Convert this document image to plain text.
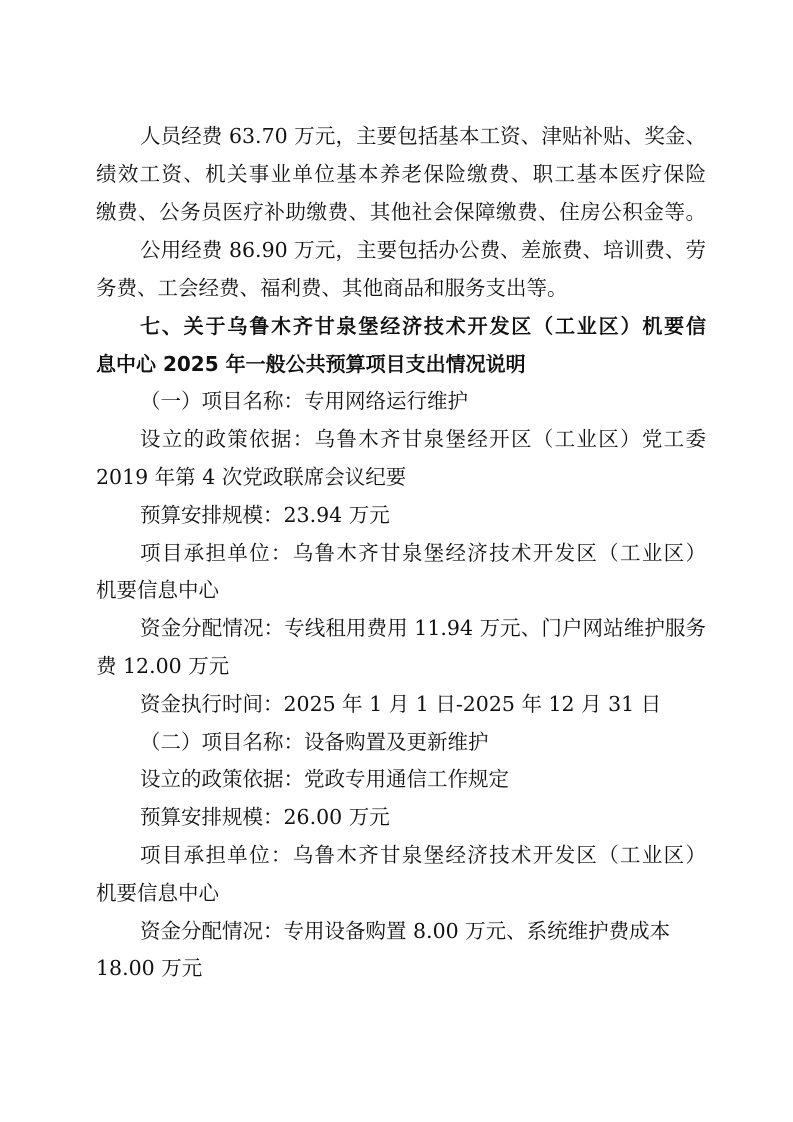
人员经费 63.70 万元，主要包括基本工资、津贴补贴、奖金、
绩效工资、机关事业单位基本养老保险缴费、职工基本医疗保险
缴费、公务员医疗补助缴费、其他社会保障缴费、住房公积金等。
公用经费 86.90 万元，主要包括办公费、差旅费、培训费、劳
务费、工会经费、福利费、其他商品和服务支出等。
七、关于乌鲁木齐甘泉堡经济技术开发区（工业区）机要信
息中心 2025 年一般公共预算项目支出情况说明
（一）项目名称：专用网络运行维护
设立的政策依据：乌鲁木齐甘泉堡经开区（工业区）党工委
2019 年第 4 次党政联席会议纪要
预算安排规模：23.94 万元
项目承担单位：乌鲁木齐甘泉堡经济技术开发区（工业区）
机要信息中心
资金分配情况：专线租用费用 11.94 万元、门户网站维护服务
费 12.00 万元
资金执行时间：2025 年 1 月 1 日-2025 年 12 月 31 日
（二）项目名称：设备购置及更新维护
设立的政策依据：党政专用通信工作规定
预算安排规模：26.00 万元
项目承担单位：乌鲁木齐甘泉堡经济技术开发区（工业区）
机要信息中心
资金分配情况：专用设备购置 8.00 万元、系统维护费成本
18.00 万元
